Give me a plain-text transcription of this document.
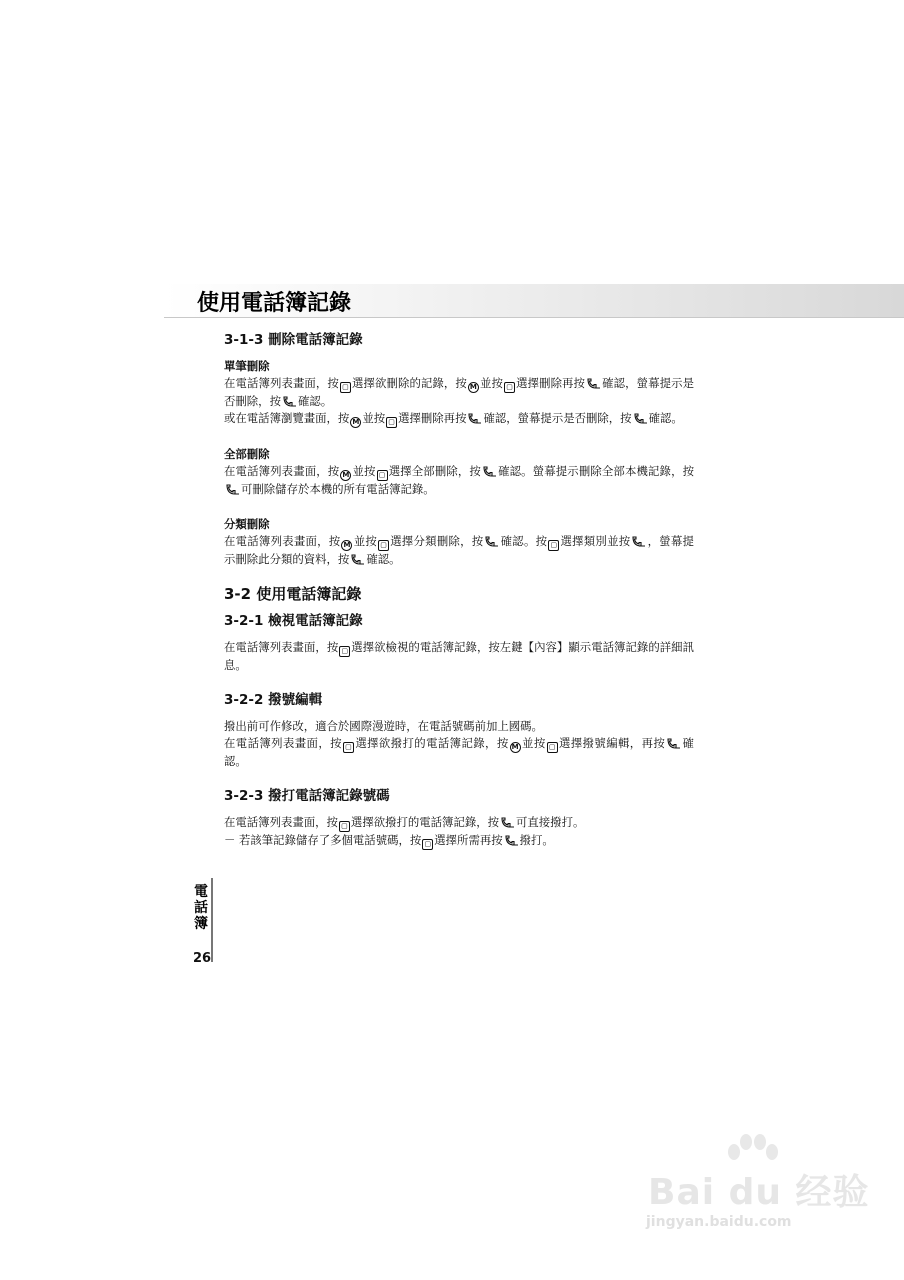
使用電話簿記錄

3-1-3 刪除電話簿記錄

單筆刪除

在電話簿列表畫面，按 ▢ 選擇欲刪除的記錄，按 M 並按 ▢ 選擇刪除再按 確認，螢幕提示是否刪除，按 確認。

或在電話簿瀏覽畫面，按 M 並按 ▢ 選擇刪除再按 確認，螢幕提示是否刪除，按 確認。

全部刪除

在電話簿列表畫面，按 M 並按 ▢ 選擇全部刪除，按 確認。螢幕提示刪除全部本機記錄，按可刪除儲存於本機的所有電話簿記錄。

分類刪除

在電話簿列表畫面，按 M 並按 ▢ 選擇分類刪除，按 確認。按 ▢ 選擇類別並按 ，螢幕提示刪除此分類的資料，按 確認。

3-2 使用電話簿記錄

3-2-1 檢視電話簿記錄

在電話簿列表畫面，按 ▢ 選擇欲檢視的電話簿記錄，按左鍵【內容】顯示電話簿記錄的詳細訊息。

3-2-2 撥號編輯

撥出前可作修改，適合於國際漫遊時，在電話號碼前加上國碼。

在電話簿列表畫面，按 ▢ 選擇欲撥打的電話簿記錄，按 M 並按 ▢ 選擇撥號編輯，再按 確認。

3-2-3 撥打電話簿記錄號碼

在電話簿列表畫面，按 ▢ 選擇欲撥打的電話簿記錄，按 可直接撥打。

－ 若該筆記錄儲存了多個電話號碼，按 ▢ 選擇所需再按 撥打。

電話簿
26
Bai du 经验
jingyan.baidu.com
